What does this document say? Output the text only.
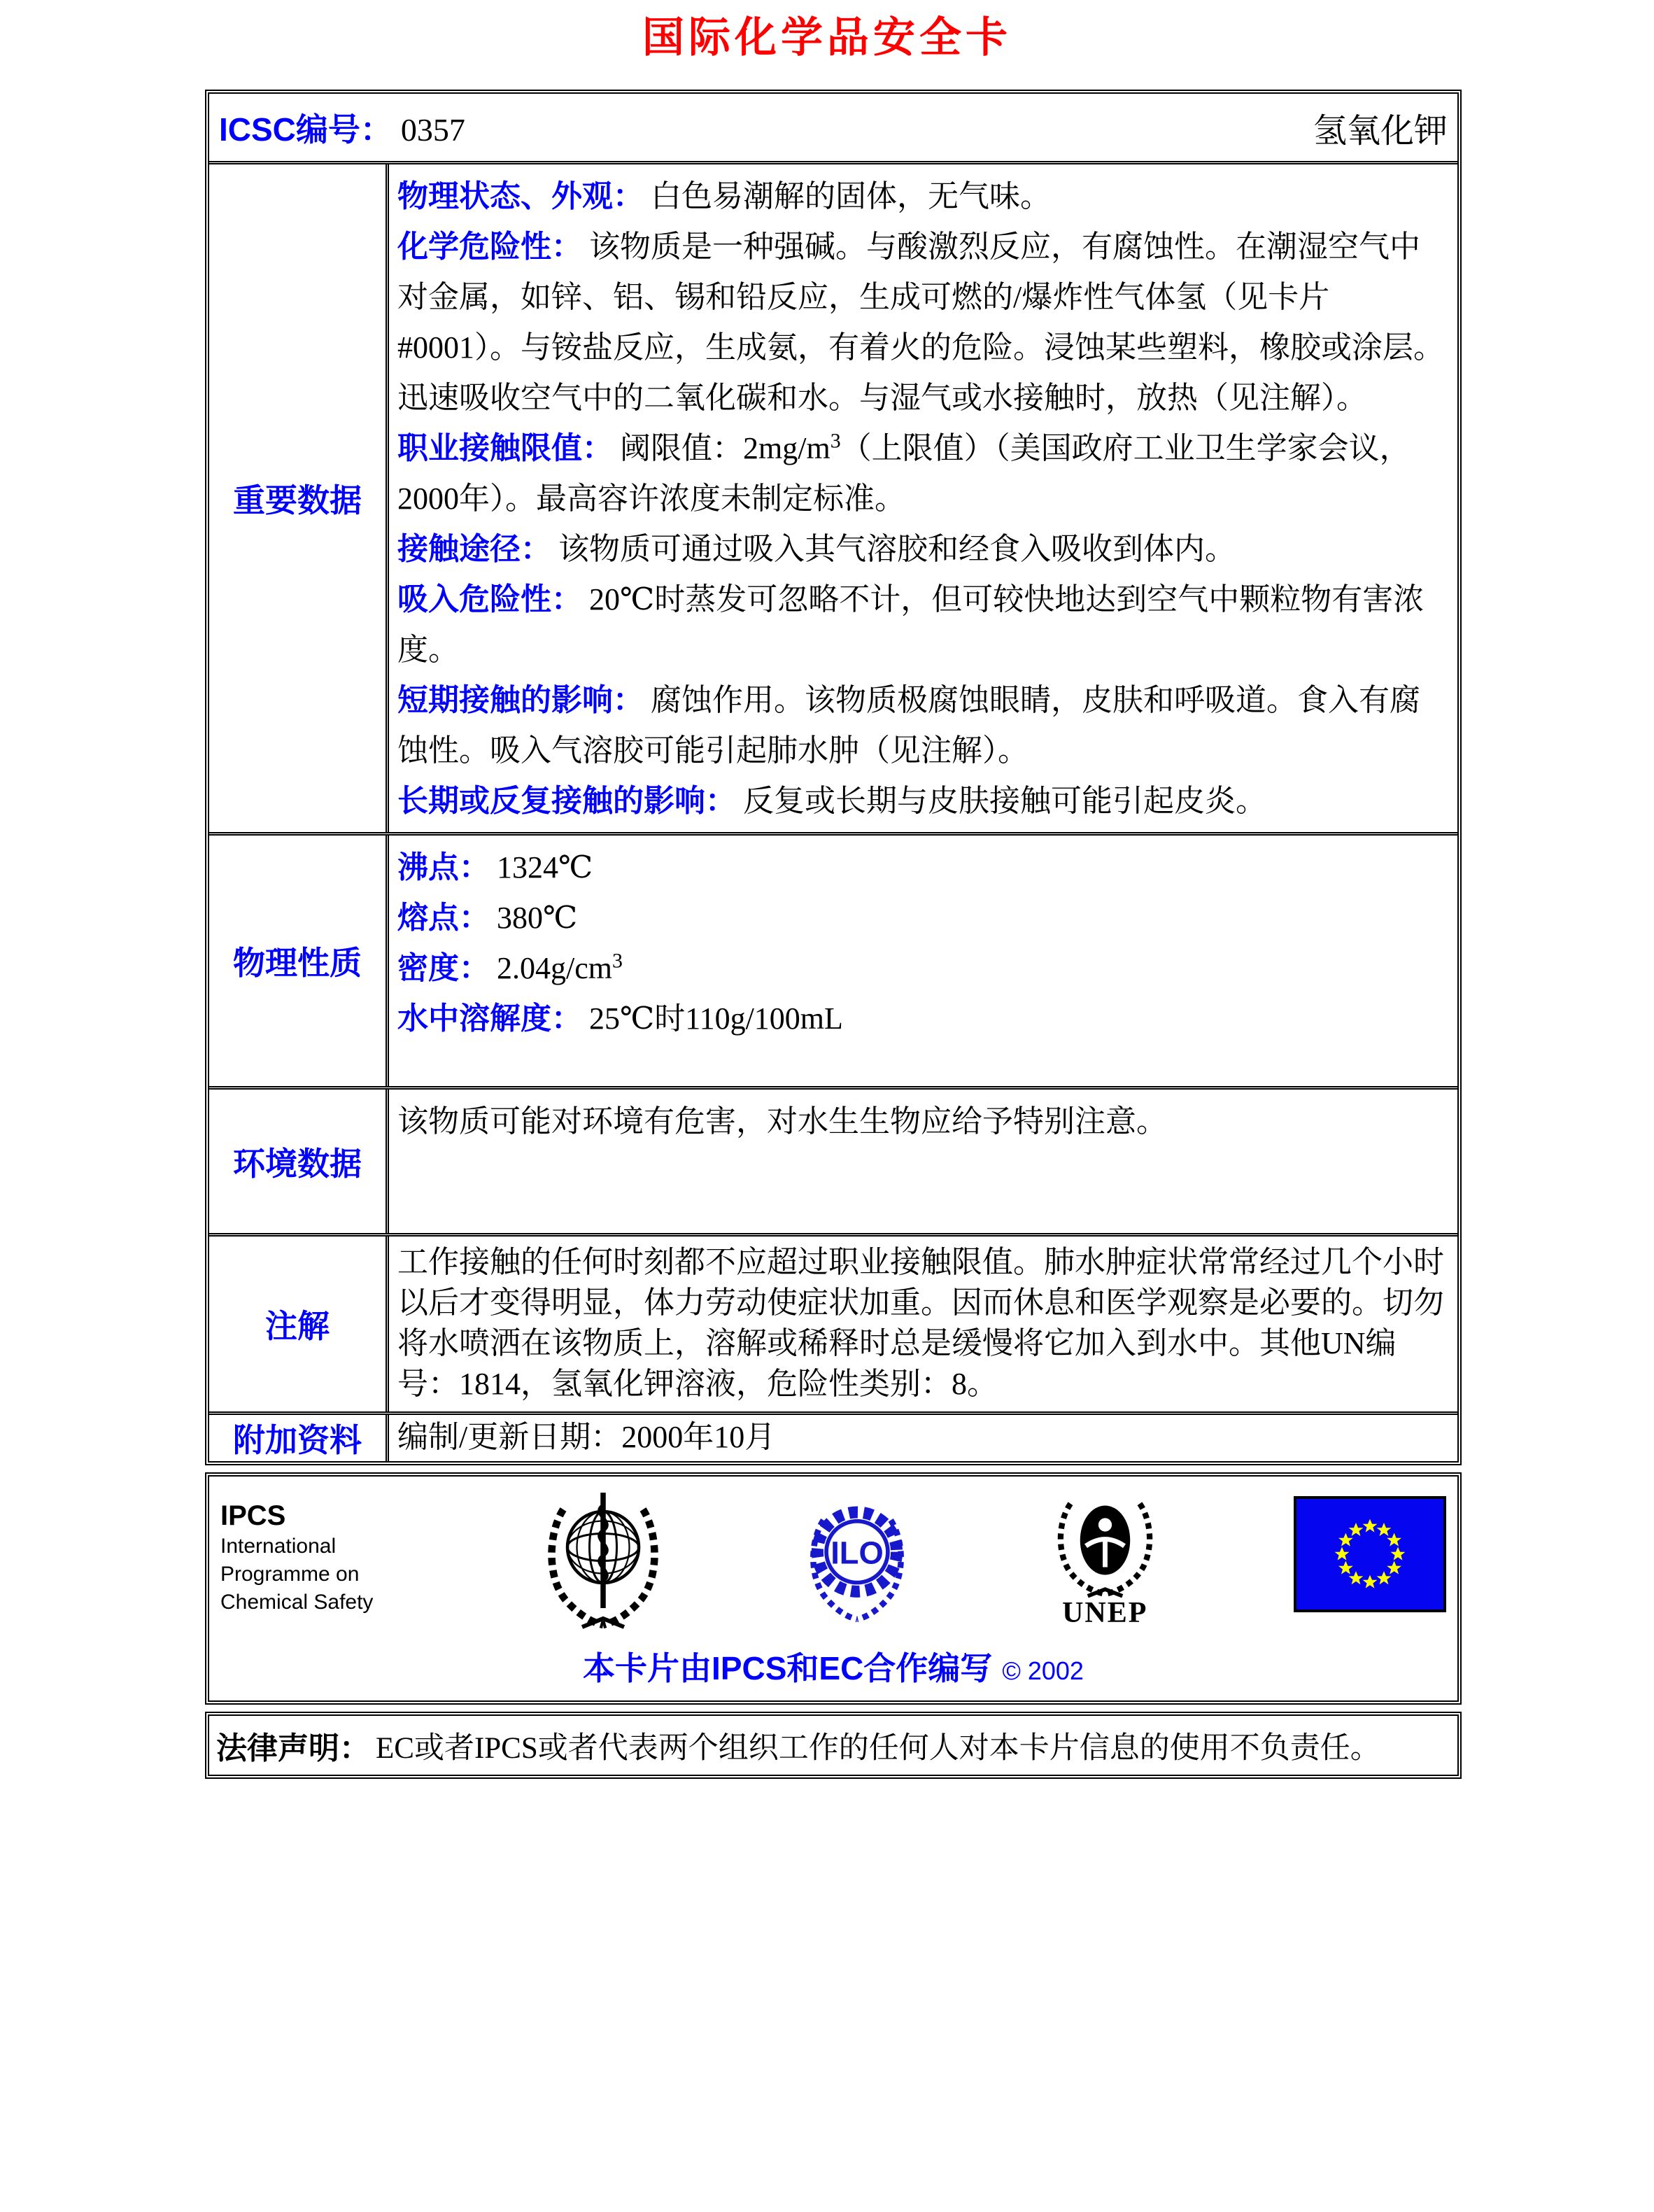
国际化学品安全卡
ICSC编号： 0357	氢氧化钾
重要数据
物理状态、外观： 白色易潮解的固体，无气味。
化学危险性： 该物质是一种强碱。与酸激烈反应，有腐蚀性。在潮湿空气中对金属，如锌、铝、锡和铅反应，生成可燃的/爆炸性气体氢（见卡片#0001）。与铵盐反应，生成氨，有着火的危险。浸蚀某些塑料，橡胶或涂层。迅速吸收空气中的二氧化碳和水。与湿气或水接触时，放热（见注解）。
职业接触限值： 阈限值：$2mg/m^3$（上限值）（美国政府工业卫生学家会议，2000年）。最高容许浓度未制定标准。
接触途径： 该物质可通过吸入其气溶胶和经食入吸收到体内。
吸入危险性： 20℃时蒸发可忽略不计，但可较快地达到空气中颗粒物有害浓度。
短期接触的影响： 腐蚀作用。该物质极腐蚀眼睛，皮肤和呼吸道。食入有腐蚀性。吸入气溶胶可能引起肺水肿（见注解）。
长期或反复接触的影响： 反复或长期与皮肤接触可能引起皮炎。
物理性质
沸点： 1324℃
熔点： 380℃
密度： $2.04g/cm^3$
水中溶解度： 25℃时110g/100mL
环境数据
该物质可能对环境有危害，对水生生物应给予特别注意。
注解
工作接触的任何时刻都不应超过职业接触限值。肺水肿症状常常经过几个小时以后才变得明显，体力劳动使症状加重。因而休息和医学观察是必要的。切勿将水喷洒在该物质上，溶解或稀释时总是缓慢将它加入到水中。其他UN编号：1814，氢氧化钾溶液，危险性类别：8。
附加资料	编制/更新日期：2000年10月
IPCS
International
Programme on
Chemical Safety
ILO
UNEP
本卡片由IPCS和EC合作编写 © 2002
法律声明： EC或者IPCS或者代表两个组织工作的任何人对本卡片信息的使用不负责任。
